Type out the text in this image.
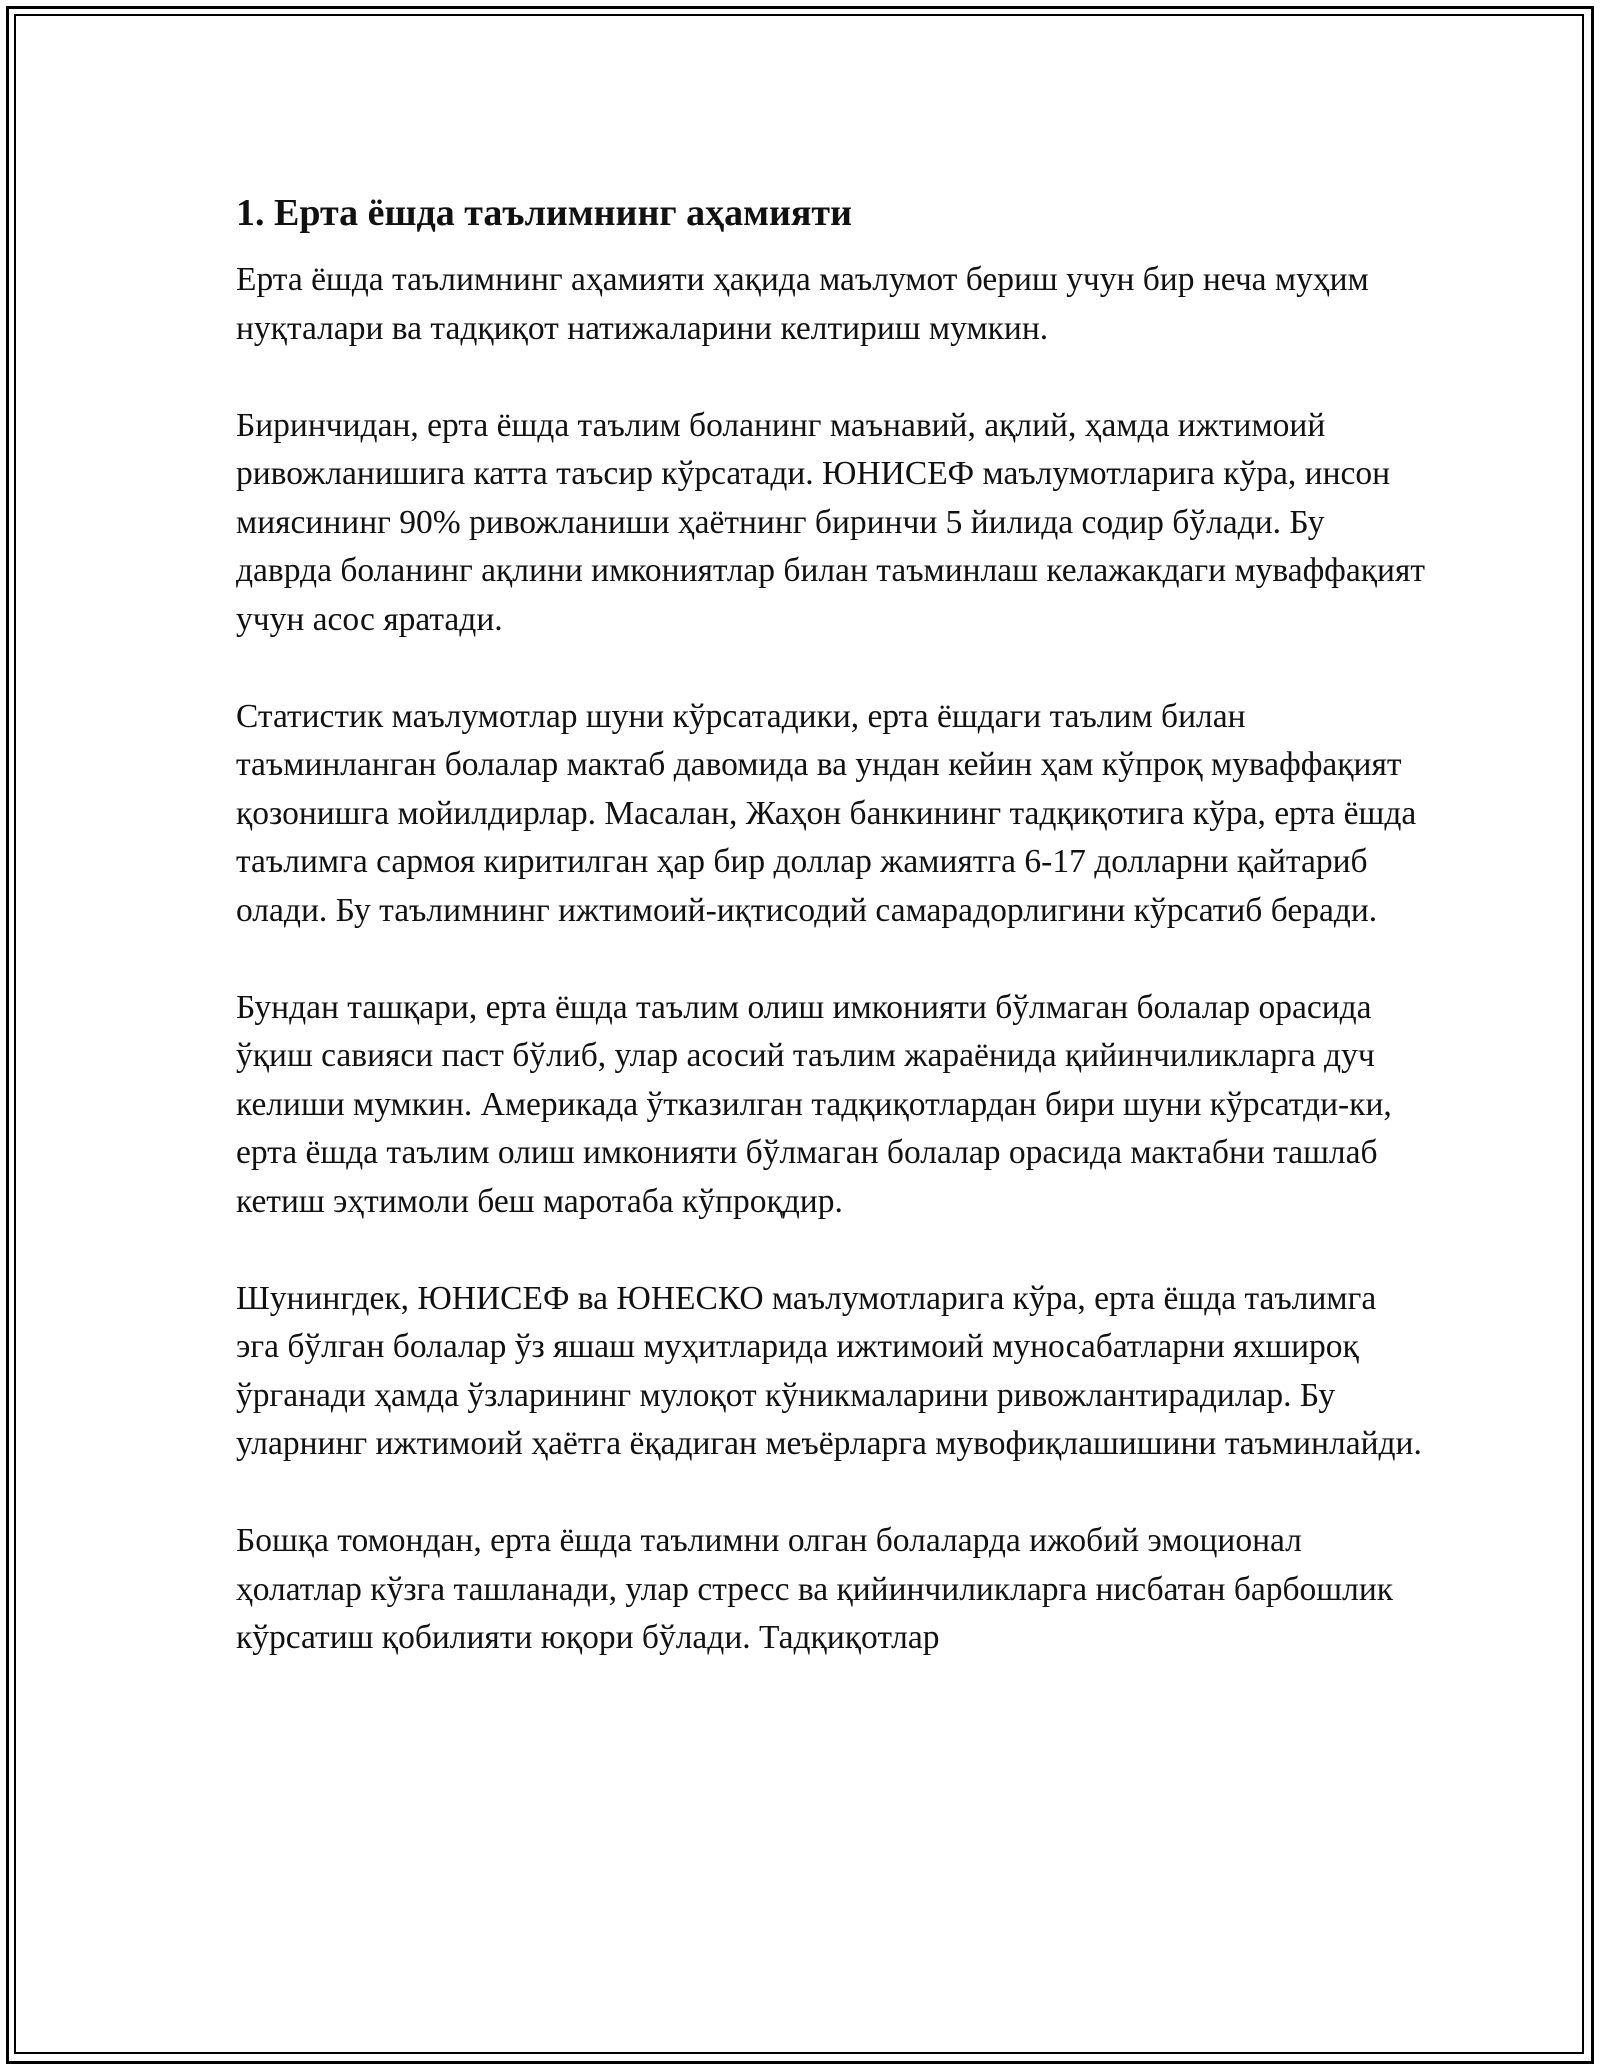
1. Ерта ёшда таълимнинг аҳамияти

Ерта ёшда таълимнинг аҳамияти ҳақида маълумот бериш учун бир неча муҳим нуқталари ва тадқиқот натижаларини келтириш мумкин.

Биринчидан, ерта ёшда таълим боланинг маънавий, ақлий, ҳамда ижтимоий ривожланишига катта таъсир кўрсатади. ЮНИСЕФ маълумотларига кўра, инсон миясининг 90% ривожланиши ҳаётнинг биринчи 5 йилида содир бўлади. Бу даврда боланинг ақлини имкониятлар билан таъминлаш келажакдаги муваффақият учун асос яратади.

Статистик маълумотлар шуни кўрсатадики, ерта ёшдаги таълим билан таъминланган болалар мактаб давомида ва ундан кейин ҳам кўпроқ муваффақият қозонишга мойилдирлар. Масалан, Жаҳон банкининг тадқиқотига кўра, ерта ёшда таълимга сармоя киритилган ҳар бир доллар жамиятга 6-17 долларни қайтариб олади. Бу таълимнинг ижтимоий-иқтисодий самарадорлигини кўрсатиб беради.

Бундан ташқари, ерта ёшда таълим олиш имконияти бўлмаган болалар орасида ўқиш савияси паст бўлиб, улар асосий таълим жараёнида қийинчиликларга дуч келиши мумкин. Америкада ўтказилган тадқиқотлардан бири шуни кўрсатди-ки, ерта ёшда таълим олиш имконияти бўлмаган болалар орасида мактабни ташлаб кетиш эҳтимоли беш маротаба кўпроқдир.

Шунингдек, ЮНИСЕФ ва ЮНЕСКО маълумотларига кўра, ерта ёшда таълимга эга бўлган болалар ўз яшаш муҳитларида ижтимоий муносабатларни яхшироқ ўрганади ҳамда ўзларининг мулоқот кўникмаларини ривожлантирадилар. Бу уларнинг ижтимоий ҳаётга ёқадиган меъёрларга мувофиқлашишини таъминлайди.

Бошқа томондан, ерта ёшда таълимни олган болаларда ижобий эмоционал ҳолатлар кўзга ташланади, улар стресс ва қийинчиликларга нисбатан барбошлик кўрсатиш қобилияти юқори бўлади. Тадқиқотлар
